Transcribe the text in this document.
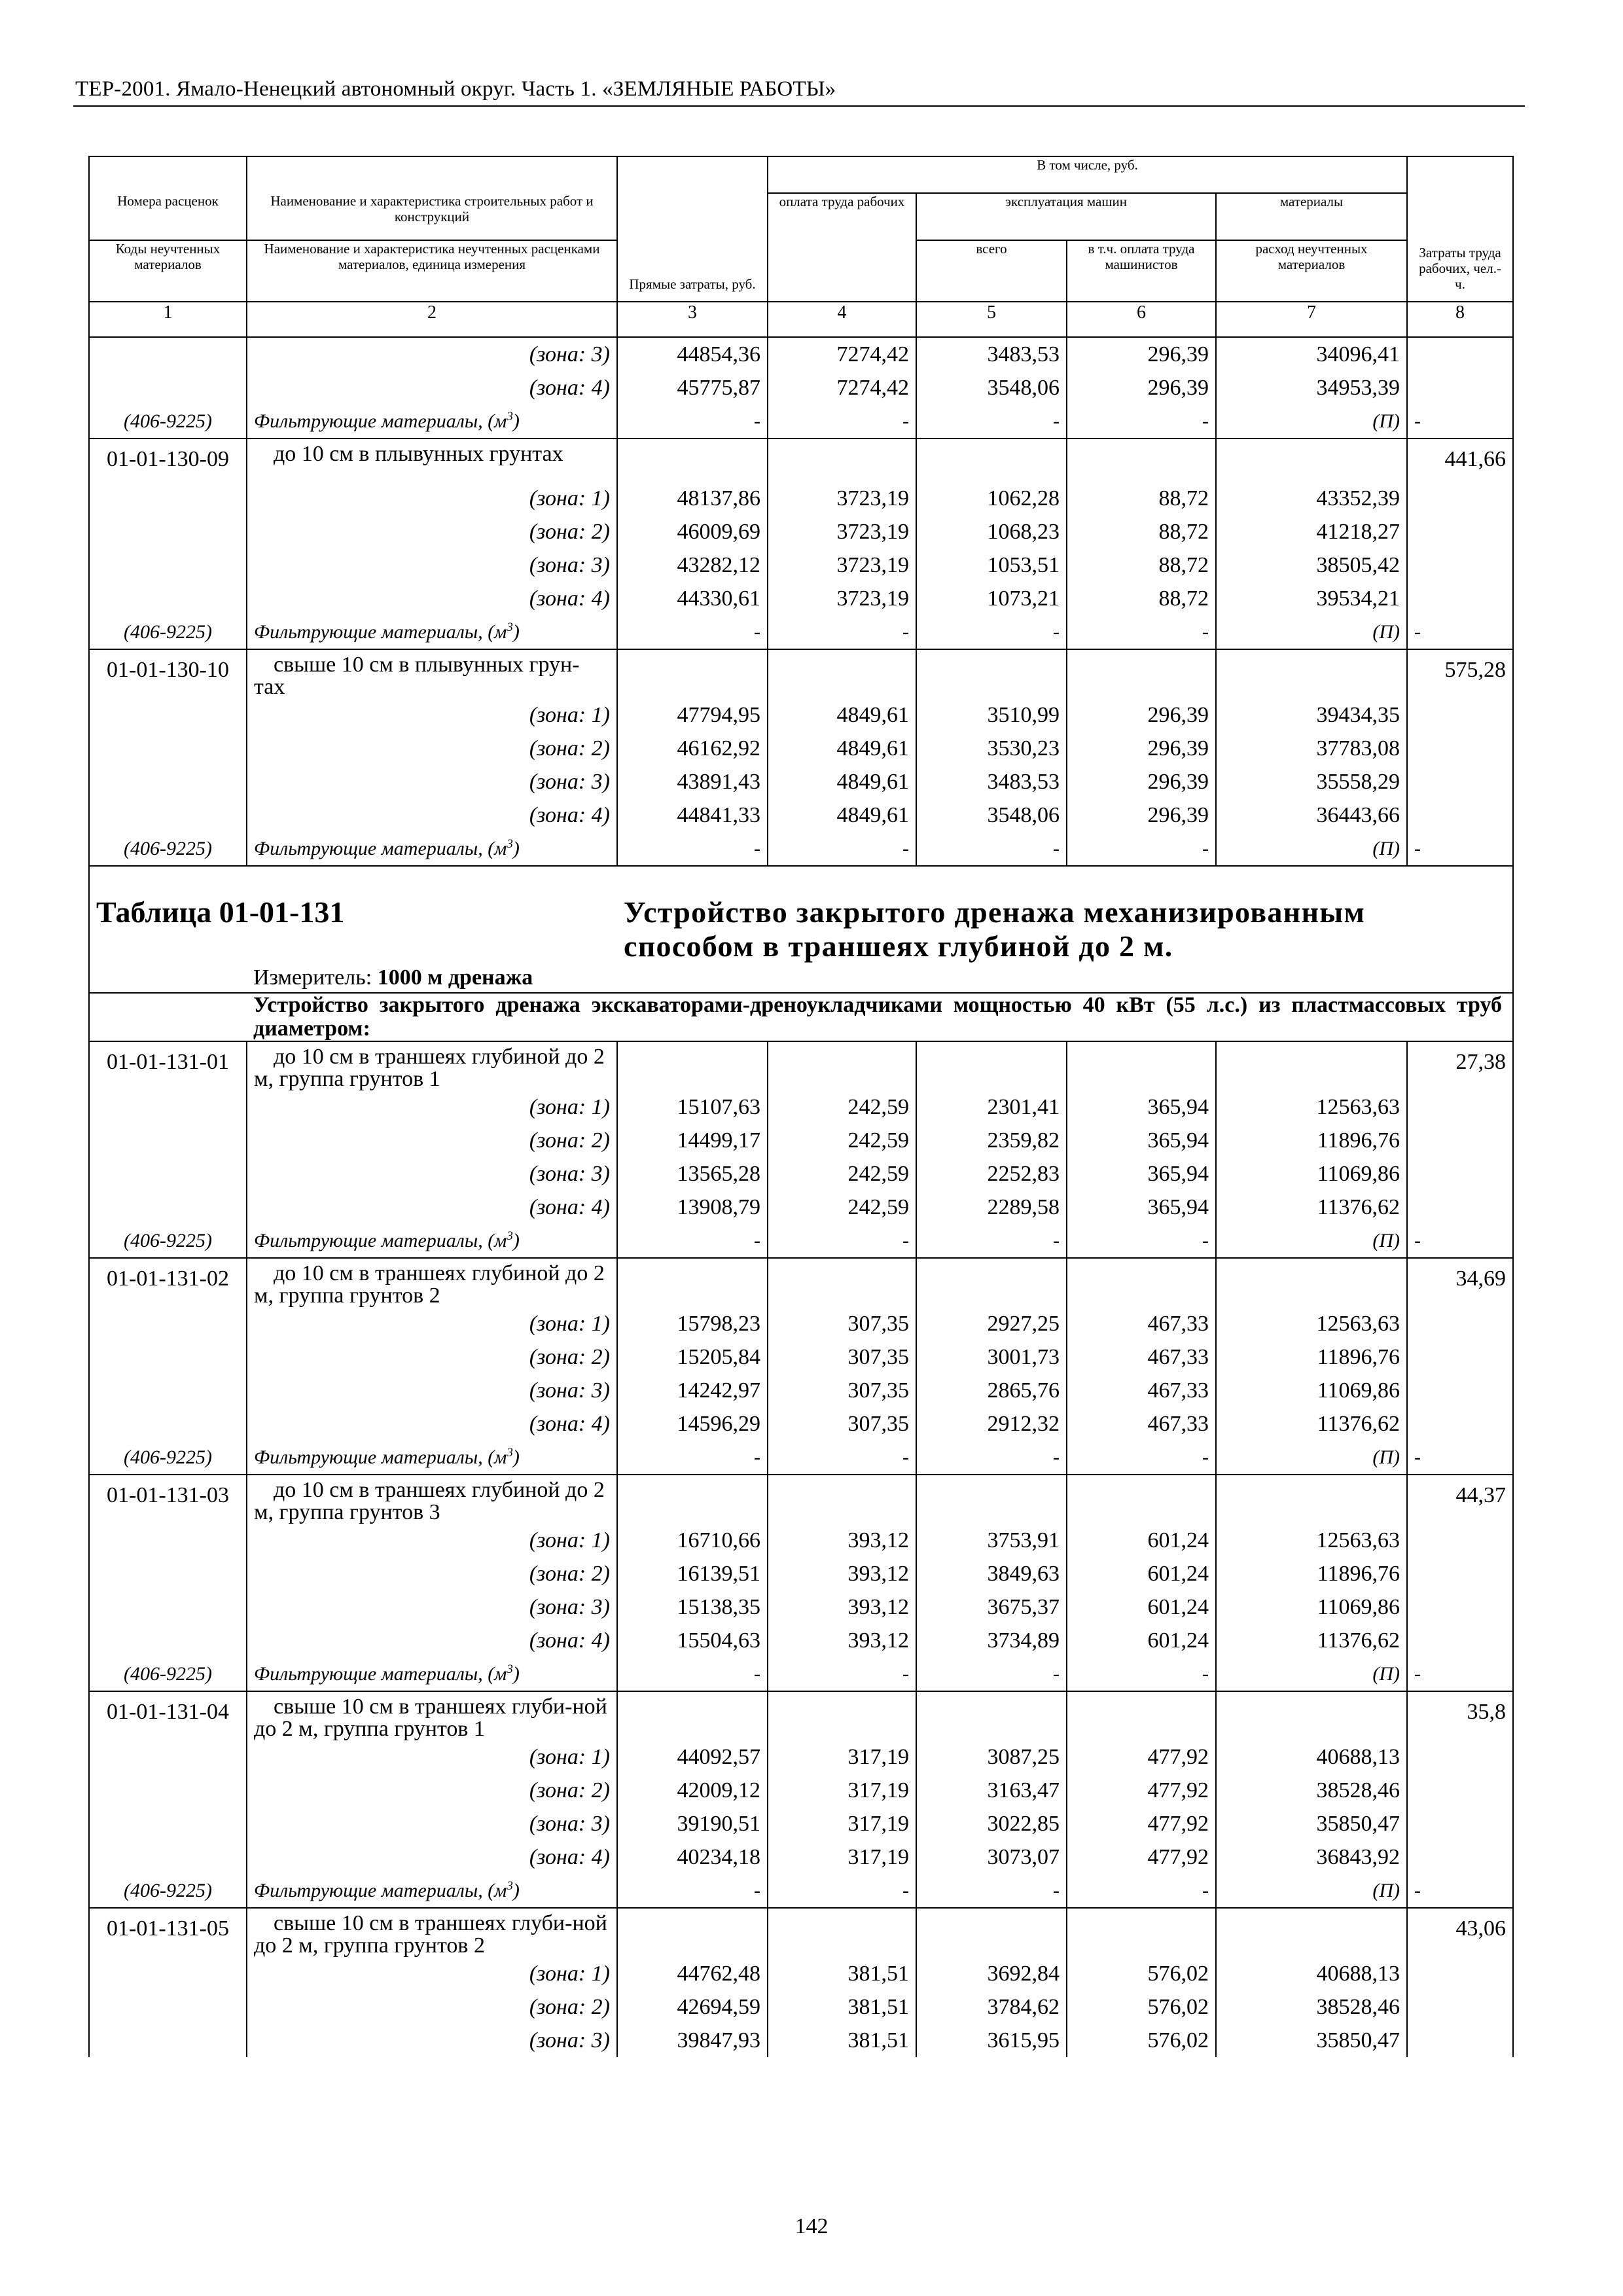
ТЕР-2001. Ямало-Ненецкий автономный округ. Часть 1. «ЗЕМЛЯНЫЕ РАБОТЫ»
		Прямые затраты, руб.	В том числе, руб.				Затраты труда рабочих, чел.-ч.
Номера расценок	Наименование и характеристика строительных работ и конструкций		оплата труда рабочих	эксплуатация машин		материалы	
Коды неучтенных материалов	Наименование и характеристика неучтенных расценками материалов, единица измерения			всего	в т.ч. оплата труда машинистов	расход неучтенных материалов	
1	2	3	4	5	6	7	8
	(зона: 3)	44854,36	7274,42	3483,53	296,39	34096,41	
	(зона: 4)	45775,87	7274,42	3548,06	296,39	34953,39	
(406-9225)	Фильтрующие материалы, $(м^3)$	-	-	-	-	(П)	-
01-01-130-09	до 10 см в плывунных грунтах						441,66
	(зона: 1)	48137,86	3723,19	1062,28	88,72	43352,39	
	(зона: 2)	46009,69	3723,19	1068,23	88,72	41218,27	
	(зона: 3)	43282,12	3723,19	1053,51	88,72	38505,42	
	(зона: 4)	44330,61	3723,19	1073,21	88,72	39534,21	
(406-9225)	Фильтрующие материалы, $(м^3)$	-	-	-	-	(П)	-
01-01-130-10	свыше 10 см в плывунных грун-тах						575,28
	(зона: 1)	47794,95	4849,61	3510,99	296,39	39434,35	
	(зона: 2)	46162,92	4849,61	3530,23	296,39	37783,08	
	(зона: 3)	43891,43	4849,61	3483,53	296,39	35558,29	
	(зона: 4)	44841,33	4849,61	3548,06	296,39	36443,66	
(406-9225)	Фильтрующие материалы, $(м^3)$	-	-	-	-	(П)	-
Таблица 01-01-131		Устройство закрытого дренажа механизированным способом в траншеях глубиной до 2 м.					
	Измеритель: 1000 м дренажа						
	Устройство закрытого дренажа экскаваторами-дреноукладчиками мощностью 40 кВт (55 л.с.) из пластмассовых труб диаметром:						
01-01-131-01	до 10 см в траншеях глубиной до 2 м, группа грунтов 1						27,38
	(зона: 1)	15107,63	242,59	2301,41	365,94	12563,63	
	(зона: 2)	14499,17	242,59	2359,82	365,94	11896,76	
	(зона: 3)	13565,28	242,59	2252,83	365,94	11069,86	
	(зона: 4)	13908,79	242,59	2289,58	365,94	11376,62	
(406-9225)	Фильтрующие материалы, $(м^3)$	-	-	-	-	(П)	-
01-01-131-02	до 10 см в траншеях глубиной до 2 м, группа грунтов 2						34,69
	(зона: 1)	15798,23	307,35	2927,25	467,33	12563,63	
	(зона: 2)	15205,84	307,35	3001,73	467,33	11896,76	
	(зона: 3)	14242,97	307,35	2865,76	467,33	11069,86	
	(зона: 4)	14596,29	307,35	2912,32	467,33	11376,62	
(406-9225)	Фильтрующие материалы, $(м^3)$	-	-	-	-	(П)	-
01-01-131-03	до 10 см в траншеях глубиной до 2 м, группа грунтов 3						44,37
	(зона: 1)	16710,66	393,12	3753,91	601,24	12563,63	
	(зона: 2)	16139,51	393,12	3849,63	601,24	11896,76	
	(зона: 3)	15138,35	393,12	3675,37	601,24	11069,86	
	(зона: 4)	15504,63	393,12	3734,89	601,24	11376,62	
(406-9225)	Фильтрующие материалы, $(м^3)$	-	-	-	-	(П)	-
01-01-131-04	свыше 10 см в траншеях глуби-ной до 2 м, группа грунтов 1						35,8
	(зона: 1)	44092,57	317,19	3087,25	477,92	40688,13	
	(зона: 2)	42009,12	317,19	3163,47	477,92	38528,46	
	(зона: 3)	39190,51	317,19	3022,85	477,92	35850,47	
	(зона: 4)	40234,18	317,19	3073,07	477,92	36843,92	
(406-9225)	Фильтрующие материалы, $(м^3)$	-	-	-	-	(П)	-
01-01-131-05	свыше 10 см в траншеях глуби-ной до 2 м, группа грунтов 2						43,06
	(зона: 1)	44762,48	381,51	3692,84	576,02	40688,13	
	(зона: 2)	42694,59	381,51	3784,62	576,02	38528,46	
	(зона: 3)	39847,93	381,51	3615,95	576,02	35850,47	
142
